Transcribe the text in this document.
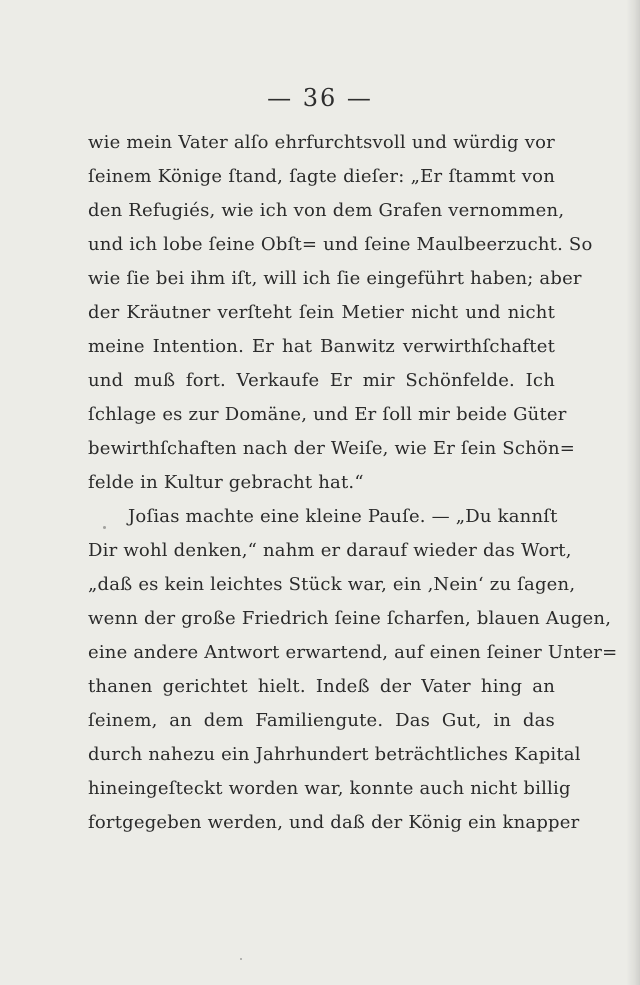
— 36 —
wie mein Vater alſo ehrfurchtsvoll und würdig vor
ſeinem Könige ſtand, ſagte dieſer: „Er ſtammt von
den Refugiés, wie ich von dem Grafen vernommen,
und ich lobe ſeine Obſt= und ſeine Maulbeerzucht. So
wie ſie bei ihm iſt, will ich ſie eingeführt haben; aber
der Kräutner verſteht ſein Metier nicht und nicht
meine Intention. Er hat Banwitz verwirthſchaftet
und muß fort. Verkaufe Er mir Schönfelde. Ich
ſchlage es zur Domäne, und Er ſoll mir beide Güter
bewirthſchaften nach der Weiſe, wie Er ſein Schön=
felde in Kultur gebracht hat.“
Joſias machte eine kleine Pauſe. — „Du kannſt
Dir wohl denken,“ nahm er darauf wieder das Wort,
„daß es kein leichtes Stück war, ein ‚Nein‘ zu ſagen,
wenn der große Friedrich ſeine ſcharfen, blauen Augen,
eine andere Antwort erwartend, auf einen ſeiner Unter=
thanen gerichtet hielt. Indeß der Vater hing an
ſeinem, an dem Familiengute. Das Gut, in das
durch nahezu ein Jahrhundert beträchtliches Kapital
hineingeſteckt worden war, konnte auch nicht billig
fortgegeben werden, und daß der König ein knapper
